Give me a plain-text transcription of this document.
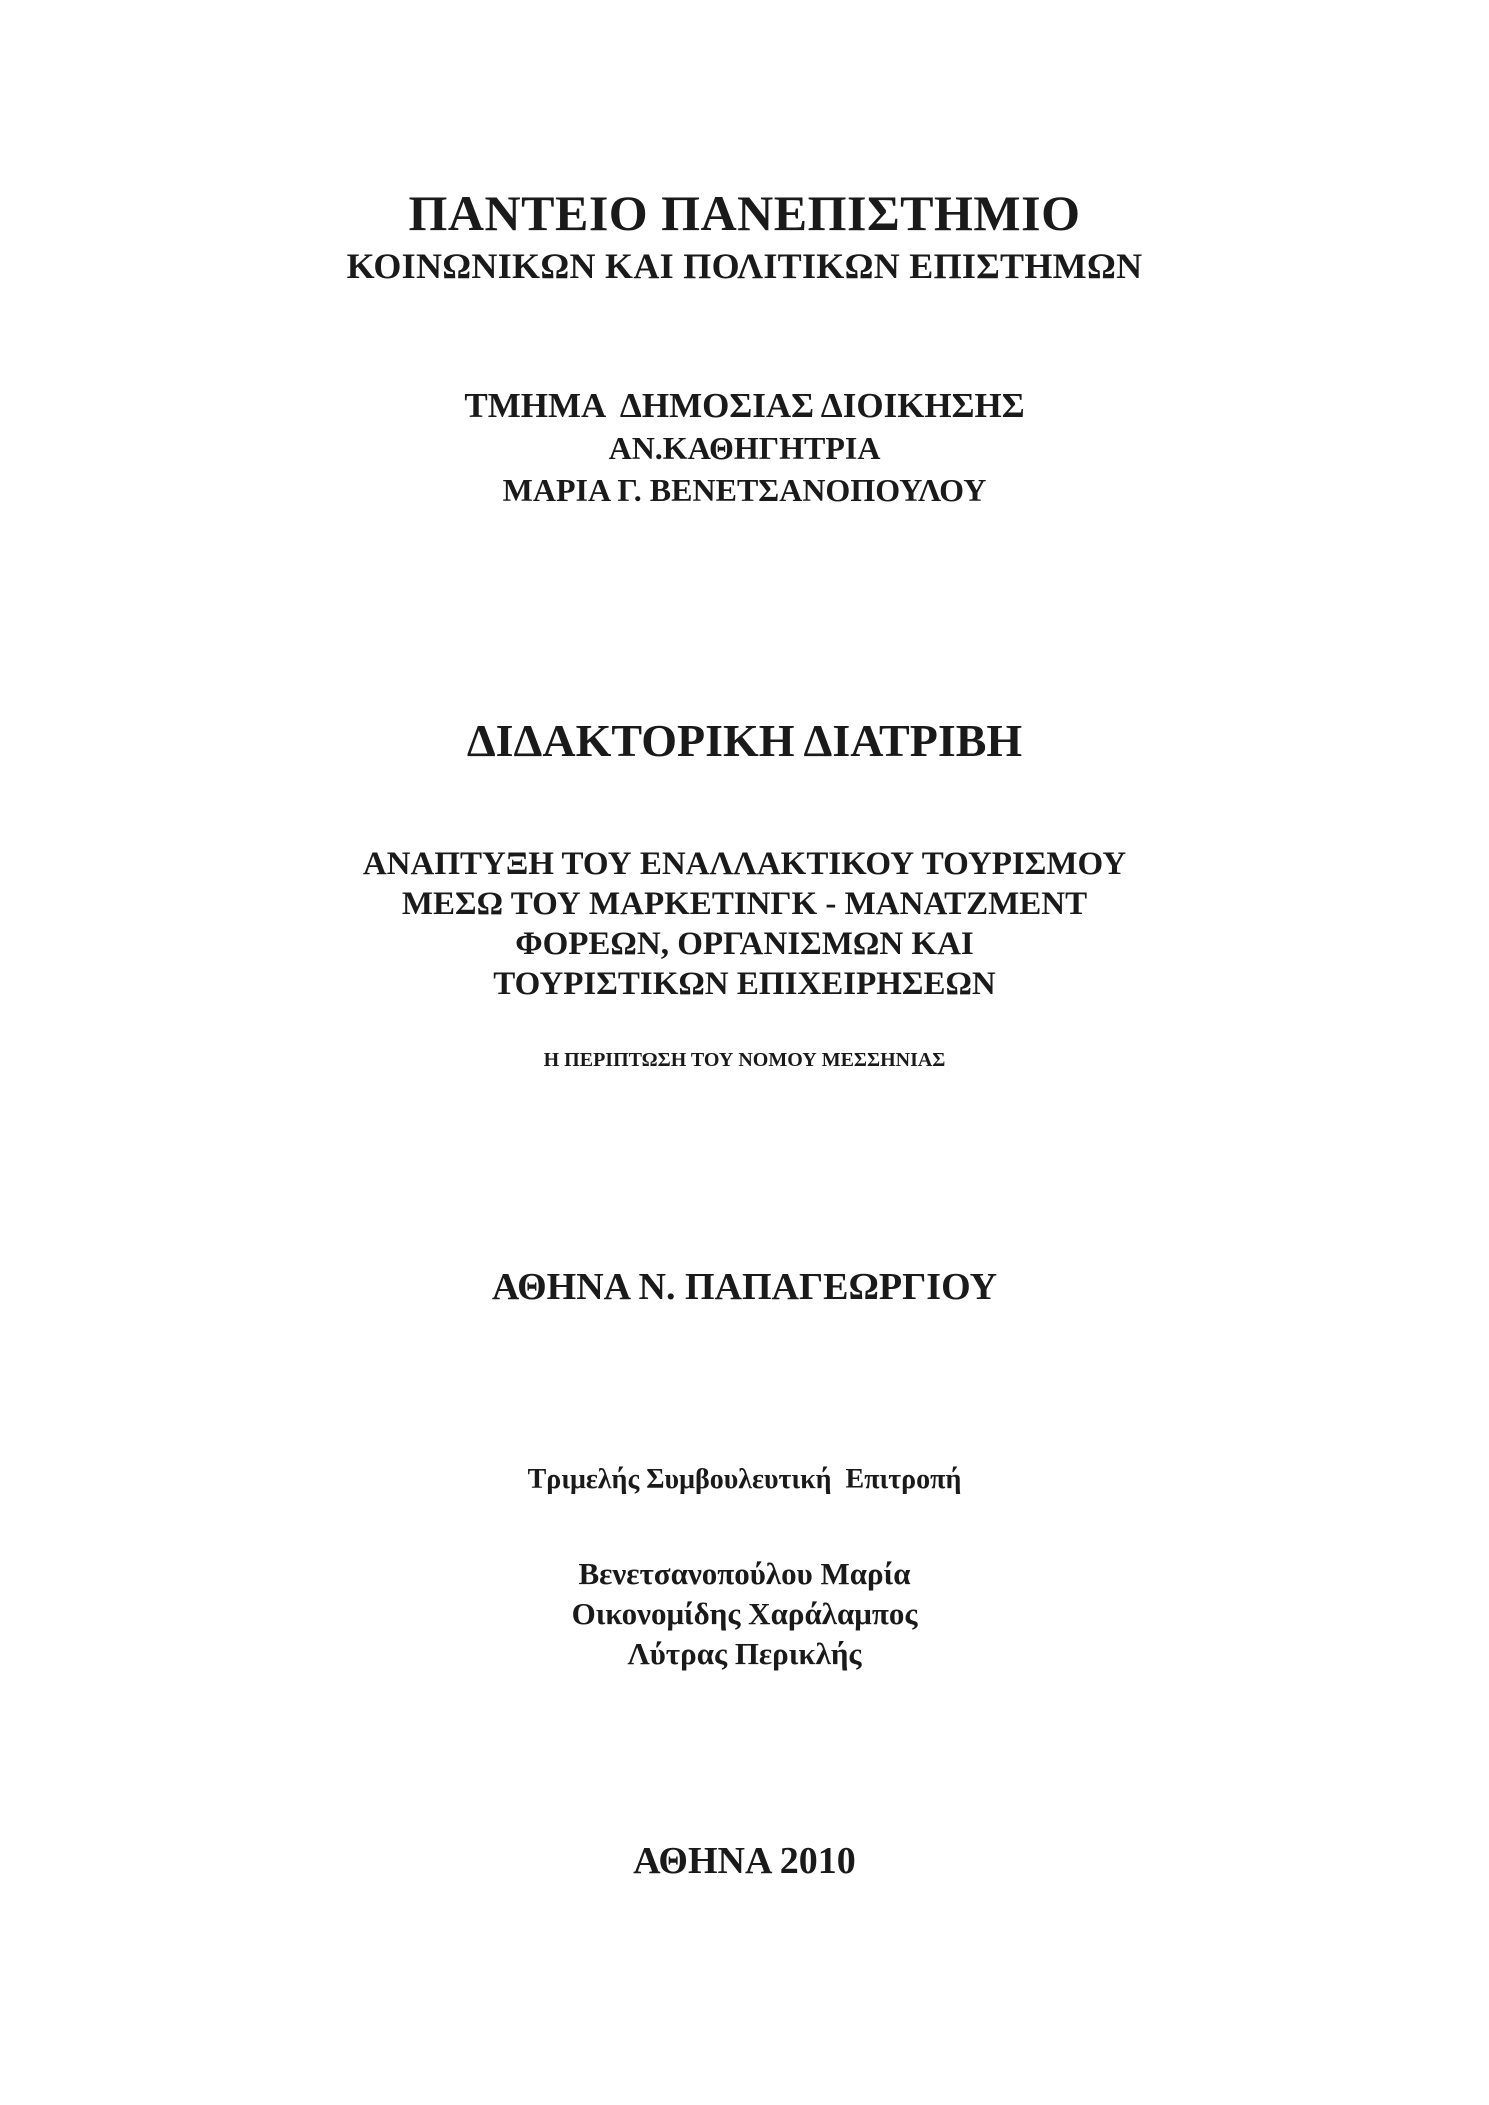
ΠΑΝΤΕΙΟ ΠΑΝΕΠΙΣΤΗΜΙΟ
ΚΟΙΝΩΝΙΚΩΝ ΚΑΙ ΠΟΛΙΤΙΚΩΝ ΕΠΙΣΤΗΜΩΝ
ΤΜΗΜΑ  ΔΗΜΟΣΙΑΣ ΔΙΟΙΚΗΣΗΣ
ΑΝ.ΚΑΘΗΓΗΤΡΙΑ
ΜΑΡΙΑ Γ. ΒΕΝΕΤΣΑΝΟΠΟΥΛΟΥ
ΔΙΔΑΚΤΟΡΙΚΗ ΔΙΑΤΡΙΒΗ
ΑΝΑΠΤΥΞΗ ΤΟΥ ΕΝΑΛΛΑΚΤΙΚΟΥ ΤΟΥΡΙΣΜΟΥ
ΜΕΣΩ ΤΟΥ ΜΑΡΚΕΤΙΝΓΚ - ΜΑΝΑΤΖΜΕΝΤ
ΦΟΡΕΩΝ, ΟΡΓΑΝΙΣΜΩΝ ΚΑΙ
ΤΟΥΡΙΣΤΙΚΩΝ ΕΠΙΧΕΙΡΗΣΕΩΝ
Η ΠΕΡΙΠΤΩΣΗ ΤΟΥ ΝΟΜΟΥ ΜΕΣΣΗΝΙΑΣ
ΑΘΗΝΑ Ν. ΠΑΠΑΓΕΩΡΓΙΟΥ
Τριμελής Συμβουλευτική  Επιτροπή
Βενετσανοπούλου Μαρία
Οικονομίδης Χαράλαμπος
Λύτρας Περικλής
ΑΘΗΝΑ 2010
